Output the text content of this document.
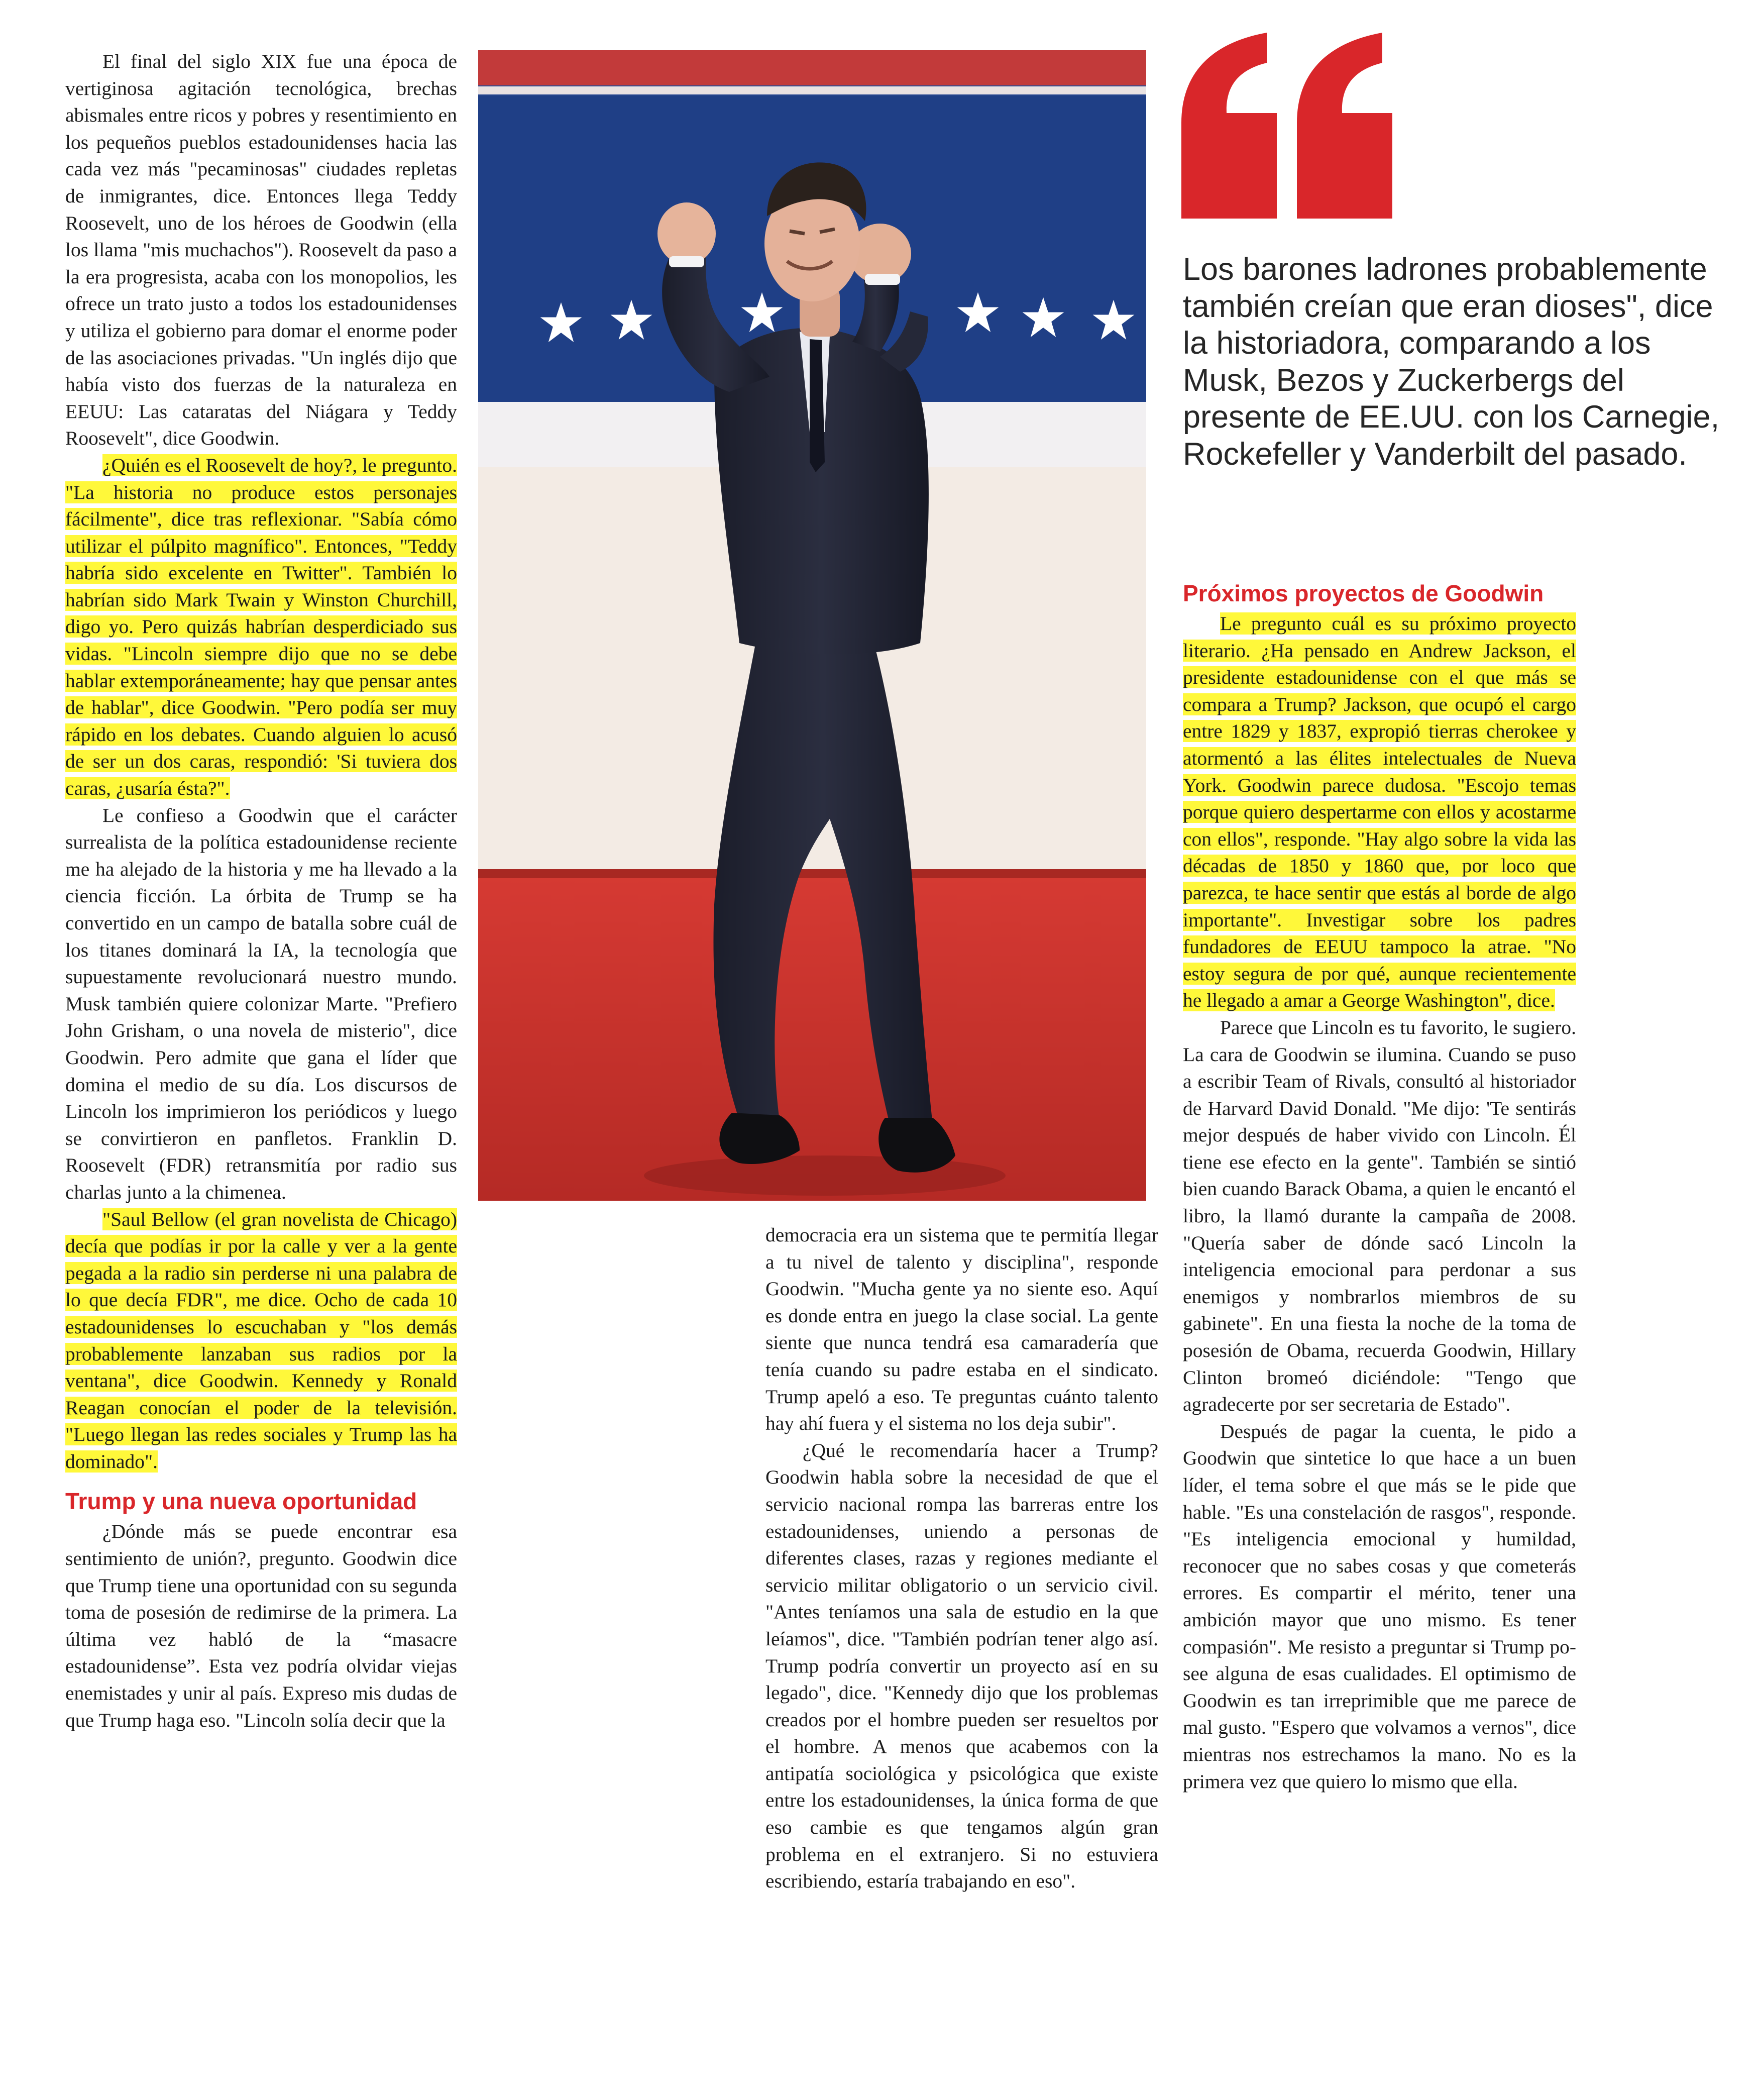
El final del siglo XIX fue una época de vertiginosa agitación tecnológica, brechas abismales entre ricos y pobres y resentimiento en los pequeños pueblos estadounidenses hacia las cada vez más "pecaminosas" ciudades repletas de inmigrantes, dice. Entonces llega Teddy Roosevelt, uno de los héroes de Goodwin (ella los llama "mis muchachos"). Roosevelt da paso a la era progresista, acaba con los monopolios, les ofrece un trato justo a todos los estadounidenses y utiliza el gobierno para domar el enorme poder de las asociaciones privadas. "Un inglés dijo que había visto dos fuerzas de la naturaleza en EEUU: Las cataratas del Niágara y Teddy Roosevelt", dice Goodwin.

¿Quién es el Roosevelt de hoy?, le pregunto. "La historia no produce estos personajes fácilmente", dice tras reflexionar. "Sabía cómo utilizar el púlpito magnífico". Entonces, "Teddy habría sido excelente en Twitter". También lo habrían sido Mark Twain y Winston Churchill, digo yo. Pero quizás habrían desperdiciado sus vidas. "Lincoln siempre dijo que no se debe hablar extemporáneamente; hay que pensar antes de hablar", dice Goodwin. "Pero podía ser muy rápido en los debates. Cuando alguien lo acusó de ser un dos caras, respondió: 'Si tuviera dos caras, ¿usaría ésta?".

Le confieso a Goodwin que el carácter surrealista de la política estadounidense reciente me ha alejado de la historia y me ha llevado a la ciencia ficción. La órbita de Trump se ha convertido en un campo de batalla sobre cuál de los titanes dominará la IA, la tecnología que supuestamente revolucionará nuestro mundo. Musk también quiere colonizar Marte. "Prefiero John Grisham, o una novela de misterio", dice Goodwin. Pero admite que gana el líder que domina el medio de su día. Los discursos de Lincoln los imprimieron los periódicos y luego se convirtieron en panfletos. Franklin D. Roosevelt (FDR) retransmitía por radio sus charlas junto a la chimenea.

"Saul Bellow (el gran novelista de Chicago) decía que podías ir por la calle y ver a la gente pegada a la radio sin perderse ni una palabra de lo que decía FDR", me dice. Ocho de cada 10 estadounidenses lo escuchaban y "los demás probablemente lanzaban sus radios por la ventana", dice Goodwin. Kennedy y Ronald Reagan conocían el poder de la televisión. "Luego llegan las redes sociales y Trump las ha dominado".

Trump y una nueva oportunidad

¿Dónde más se puede encontrar esa sentimiento de unión?, pregunto. Goodwin dice que Trump tiene una oportunidad con su segunda toma de posesión de redimirse de la primera. La última vez habló de la “masacre estadounidense”. Esta vez podría olvidar viejas enemistades y unir al país. Expreso mis dudas de que Trump haga eso. "Lincoln solía decir que la

Los barones ladrones probablemente también creían que eran dioses", dice la historiadora, comparando a los Musk, Bezos y Zuckerbergs del presente de EE.UU. con los Carnegie, Rockefeller y Vanderbilt del pasado.

Próximos proyectos de Goodwin

Le pregunto cuál es su próximo proyecto literario. ¿Ha pensado en Andrew Jackson, el presidente estadounidense con el que más se compara a Trump? Jackson, que ocupó el cargo entre 1829 y 1837, expropió tierras cherokee y atormentó a las élites intelectuales de Nueva York. Goodwin parece dudosa. "Escojo temas porque quiero despertarme con ellos y acostarme con ellos", responde. "Hay algo sobre la vida las décadas de 1850 y 1860 que, por loco que parezca, te hace sentir que estás al borde de algo importante". Investigar sobre los padres fundadores de EEUU tampoco la atrae. "No estoy segura de por qué, aunque recientemente he llegado a amar a George Washington", dice.

Parece que Lincoln es tu favorito, le sugiero. La cara de Goodwin se ilumina. Cuando se puso a escribir Team of Rivals, consultó al historiador de Harvard David Donald. "Me dijo: 'Te sentirás mejor después de haber vivido con Lincoln. Él tiene ese efecto en la gente". También se sintió bien cuando Barack Obama, a quien le encantó el libro, la llamó durante la campaña de 2008. "Quería saber de dónde sacó Lincoln la inteligencia emocional para perdonar a sus enemigos y nombrarlos miembros de su gabinete". En una fiesta la noche de la toma de posesión de Obama, recuerda Goodwin, Hillary Clinton bromeó diciéndole: "Tengo que agradecerte por ser secretaria de Estado".

Después de pagar la cuenta, le pido a Goodwin que sintetice lo que hace a un buen líder, el tema sobre el que más se le pide que hable. "Es una constelación de rasgos", responde. "Es inteligencia emocional y humildad, reconocer que no sabes cosas y que cometerás errores. Es compartir el mérito, tener una ambición mayor que uno mismo. Es tener compasión". Me resisto a preguntar si Trump posee alguna de esas cualidades. El optimismo de Goodwin es tan irreprimible que me parece de mal gusto. "Espero que volvamos a vernos", dice mientras nos estrechamos la mano. No es la primera vez que quiero lo mismo que ella.

democracia era un sistema que te permitía llegar a tu nivel de talento y disciplina", responde Goodwin. "Mucha gente ya no siente eso. Aquí es donde entra en juego la clase social. La gente siente que nunca tendrá esa camaradería que tenía cuando su padre estaba en el sindicato. Trump apeló a eso. Te preguntas cuánto talento hay ahí fuera y el sistema no los deja subir".

¿Qué le recomendaría hacer a Trump? Goodwin habla sobre la necesidad de que el servicio nacional rompa las barreras entre los estadounidenses, uniendo a personas de diferentes clases, razas y regiones mediante el servicio militar obligatorio o un servicio civil. "Antes teníamos una sala de estudio en la que leíamos", dice. "También podrían tener algo así. Trump podría convertir un proyecto así en su legado", dice. "Kennedy dijo que los problemas creados por el hombre pueden ser resueltos por el hombre. A menos que acabemos con la antipatía sociológica y psicológica que existe entre los estadounidenses, la única forma de que eso cambie es que tengamos algún gran problema en el extranjero. Si no estuviera escribiendo, estaría trabajando en eso".
